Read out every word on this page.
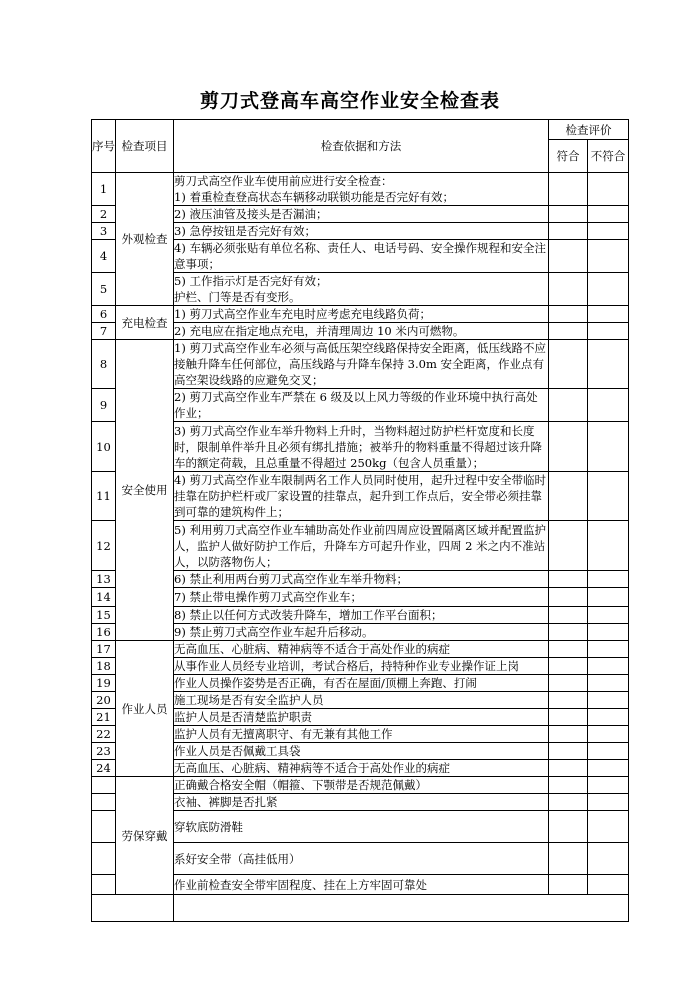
剪刀式登高车高空作业安全检查表
序号	检查项目	检查依据和方法	检查评价	
			符合	不符合

1	外观检查	剪刀式高空作业车使用前应进行安全检查：
1) 着重检查登高状态车辆移动联锁功能是否完好有效；		
2		2) 液压油管及接头是否漏油；		
3		3) 急停按钮是否完好有效；		
4		4) 车辆必须张贴有单位名称、责任人、电话号码、安全操作规程和安全注意事项；		
5		5) 工作指示灯是否完好有效；
护栏、门等是否有变形。		
6	充电检查	1) 剪刀式高空作业车充电时应考虑充电线路负荷；		
7		2) 充电应在指定地点充电，并清理周边 10 米内可燃物。		
8	安全使用	1) 剪刀式高空作业车必须与高低压架空线路保持安全距离，低压线路不应接触升降车任何部位，高压线路与升降车保持 3.0m 安全距离，作业点有高空架设线路的应避免交叉；		
9		2) 剪刀式高空作业车严禁在 6 级及以上风力等级的作业环境中执行高处作业；		
10		3) 剪刀式高空作业车举升物料上升时，当物料超过防护栏杆宽度和长度时，限制单件举升且必须有绑扎措施；被举升的物料重量不得超过该升降车的额定荷载，且总重量不得超过 250kg（包含人员重量）；		
11		4) 剪刀式高空作业车限制两名工作人员同时使用，起升过程中安全带临时挂靠在防护栏杆或厂家设置的挂靠点，起升到工作点后，安全带必须挂靠到可靠的建筑构件上；		
12		5) 利用剪刀式高空作业车辅助高处作业前四周应设置隔离区域并配置监护人，监护人做好防护工作后，升降车方可起升作业，四周 2 米之内不准站人，以防落物伤人；		
13		6) 禁止利用两台剪刀式高空作业车举升物料；		
14		7) 禁止带电操作剪刀式高空作业车；		
15		8) 禁止以任何方式改装升降车，增加工作平台面积；		
16		9) 禁止剪刀式高空作业车起升后移动。		
17	作业人员	无高血压、心脏病、精神病等不适合于高处作业的病症		
18		从事作业人员经专业培训，考试合格后，持特种作业专业操作证上岗		
19		作业人员操作姿势是否正确，有否在屋面/顶棚上奔跑、打闹		
20		施工现场是否有安全监护人员		
21		监护人员是否清楚监护职责		
22		监护人员有无擅离职守、有无兼有其他工作		
23		作业人员是否佩戴工具袋		
24		无高血压、心脏病、精神病等不适合于高处作业的病症		
	劳保穿戴	正确戴合格安全帽（帽箍、下颚带是否规范佩戴）		
		衣袖、裤脚是否扎紧		
		穿软底防滑鞋		
		系好安全带（高挂低用）		
		作业前检查安全带牢固程度、挂在上方牢固可靠处		
